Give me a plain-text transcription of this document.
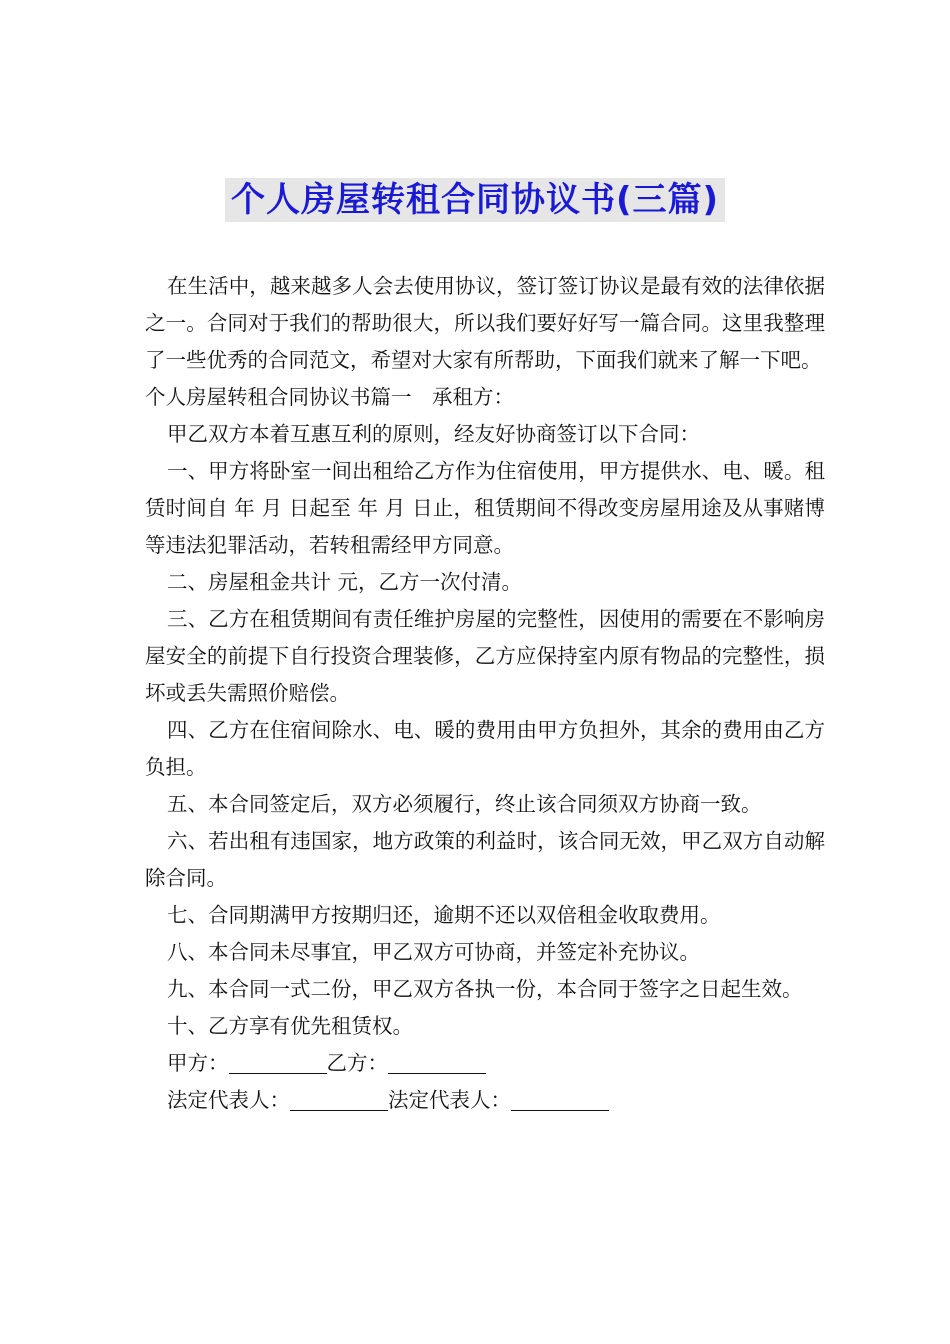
个人房屋转租合同协议书(三篇)

在生活中，越来越多人会去使用协议，签订签订协议是最有效的法律依据之一。合同对于我们的帮助很大，所以我们要好好写一篇合同。这里我整理了一些优秀的合同范文，希望对大家有所帮助，下面我们就来了解一下吧。

个人房屋转租合同协议书篇一　承租方：

甲乙双方本着互惠互利的原则，经友好协商签订以下合同：

一、甲方将卧室一间出租给乙方作为住宿使用，甲方提供水、电、暖。租赁时间自 年 月 日起至 年 月 日止，租赁期间不得改变房屋用途及从事赌博等违法犯罪活动，若转租需经甲方同意。

二、房屋租金共计 元，乙方一次付清。

三、乙方在租赁期间有责任维护房屋的完整性，因使用的需要在不影响房屋安全的前提下自行投资合理装修，乙方应保持室内原有物品的完整性，损坏或丢失需照价赔偿。

四、乙方在住宿间除水、电、暖的费用由甲方负担外，其余的费用由乙方负担。

五、本合同签定后，双方必须履行，终止该合同须双方协商一致。

六、若出租有违国家，地方政策的利益时，该合同无效，甲乙双方自动解除合同。

七、合同期满甲方按期归还，逾期不还以双倍租金收取费用。

八、本合同未尽事宜，甲乙双方可协商，并签定补充协议。

九、本合同一式二份，甲乙双方各执一份，本合同于签字之日起生效。

十、乙方享有优先租赁权。

甲方：	乙方：

法定代表人：	法定代表人：
